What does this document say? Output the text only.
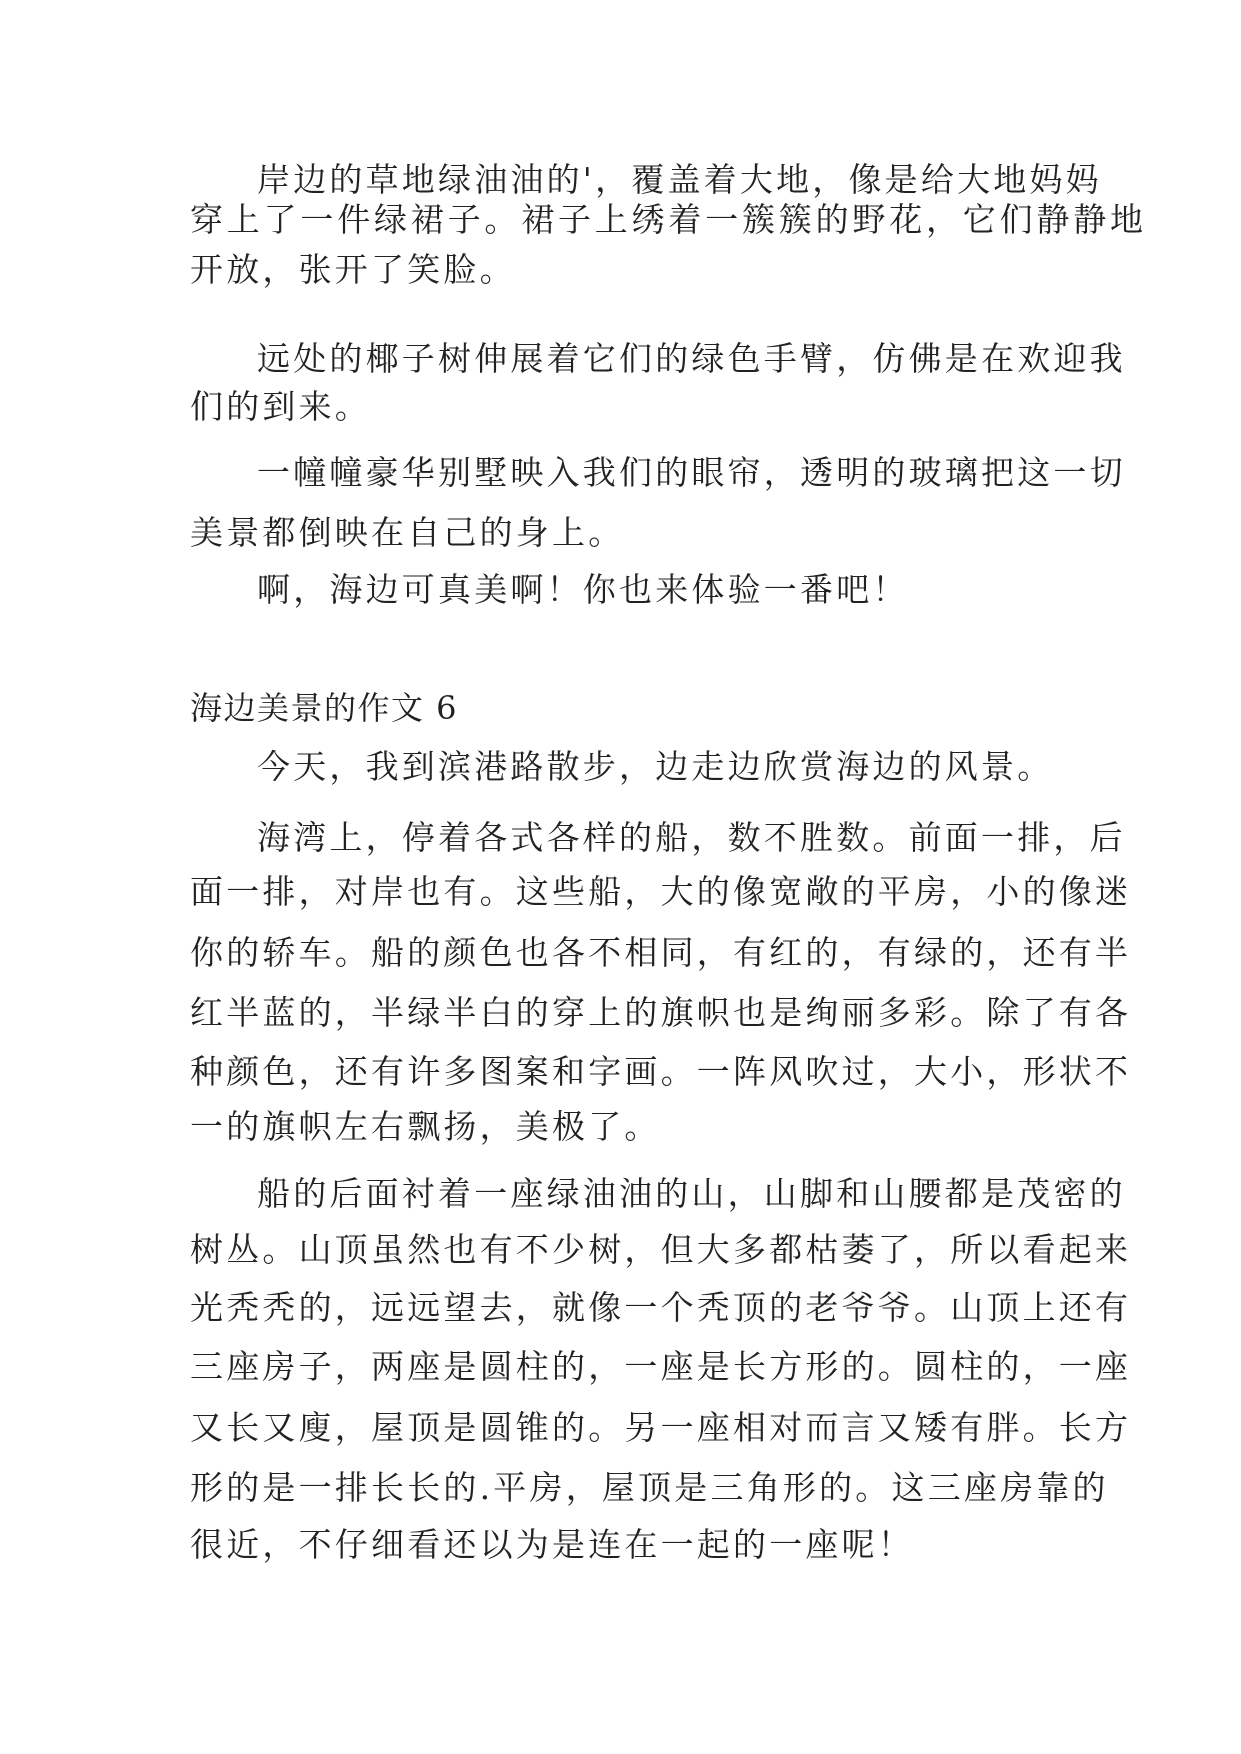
岸边的草地绿油油的'，覆盖着大地，像是给大地妈妈
穿上了一件绿裙子。裙子上绣着一簇簇的野花，它们静静地
开放，张开了笑脸。
远处的椰子树伸展着它们的绿色手臂，仿佛是在欢迎我
们的到来。
一幢幢豪华别墅映入我们的眼帘，透明的玻璃把这一切
美景都倒映在自己的身上。
啊，海边可真美啊！你也来体验一番吧！
海边美景的作文 6
今天，我到滨港路散步，边走边欣赏海边的风景。
海湾上，停着各式各样的船，数不胜数。前面一排，后
面一排，对岸也有。这些船，大的像宽敞的平房，小的像迷
你的轿车。船的颜色也各不相同，有红的，有绿的，还有半
红半蓝的，半绿半白的穿上的旗帜也是绚丽多彩。除了有各
种颜色，还有许多图案和字画。一阵风吹过，大小，形状不
一的旗帜左右飘扬，美极了。
船的后面衬着一座绿油油的山，山脚和山腰都是茂密的
树丛。山顶虽然也有不少树，但大多都枯萎了，所以看起来
光秃秃的，远远望去，就像一个秃顶的老爷爷。山顶上还有
三座房子，两座是圆柱的，一座是长方形的。圆柱的，一座
又长又廋，屋顶是圆锥的。另一座相对而言又矮有胖。长方
形的是一排长长的.平房，屋顶是三角形的。这三座房靠的
很近，不仔细看还以为是连在一起的一座呢！
